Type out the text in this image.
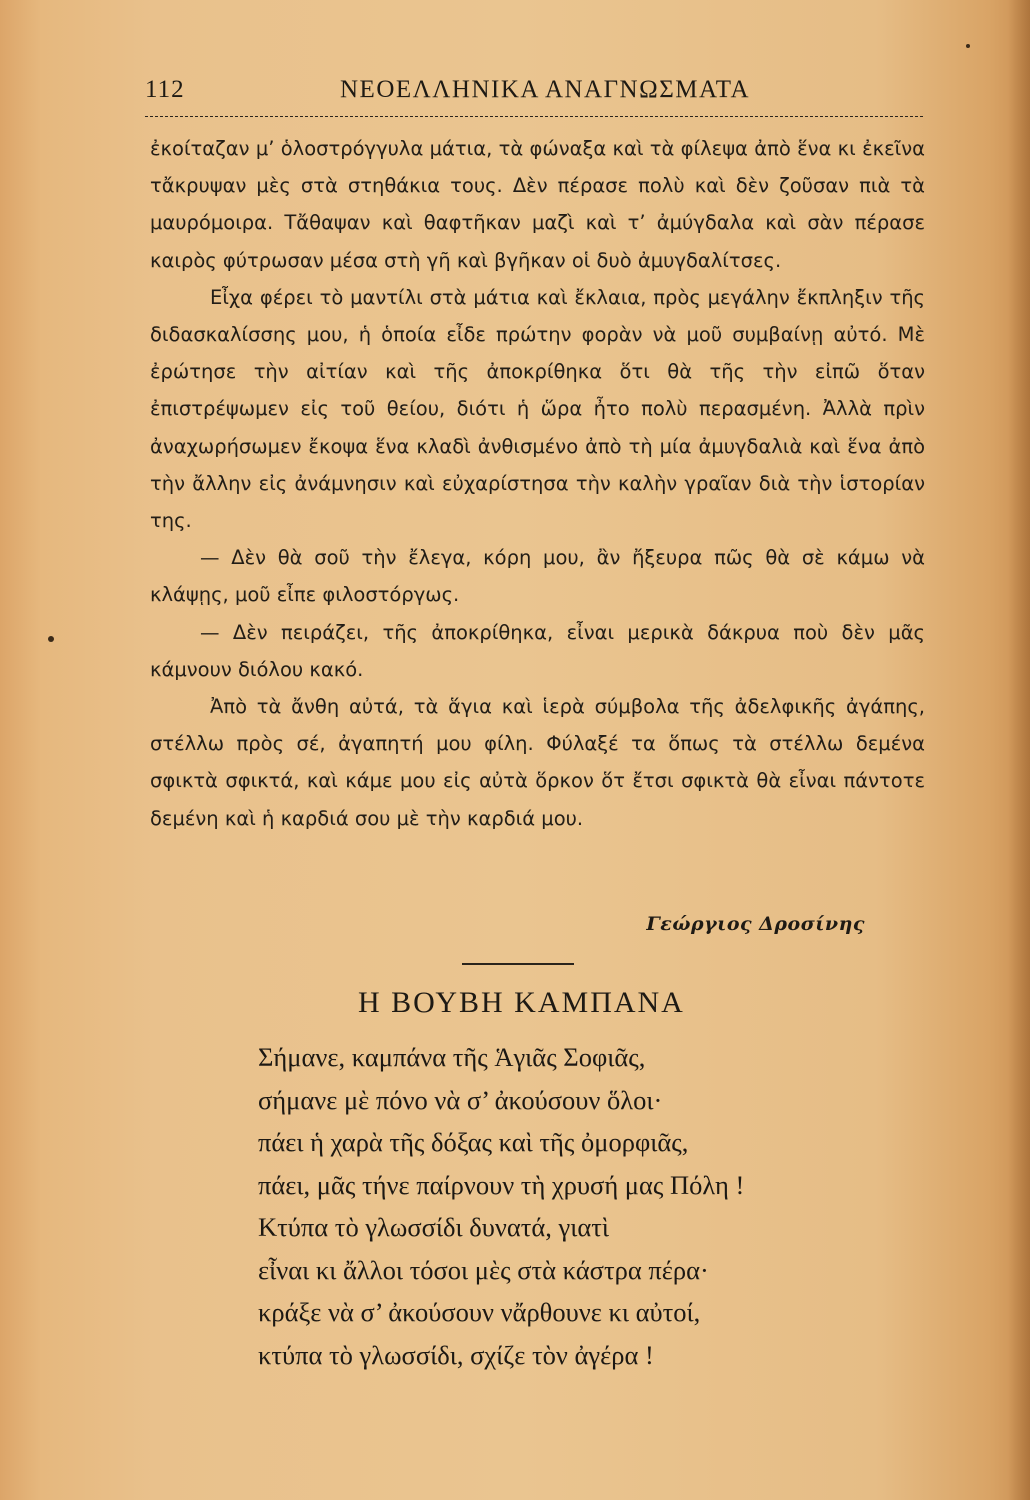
112	ΝΕΟΕΛΛΗΝΙΚΑ ΑΝΑΓΝΩΣΜΑΤΑ

ἐκοίταζαν μ’ ὁλοστρόγγυλα μάτια, τὰ φώναξα καὶ τὰ φίλεψα ἀπὸ ἕνα κι ἐκεῖνα τἄκρυψαν μὲς στὰ στηθάκια τους. Δὲν πέρασε πολὺ καὶ δὲν ζοῦσαν πιὰ τὰ μαυρόμοιρα. Τἄθαψαν καὶ θαφτῆκαν μαζὶ καὶ τ’ ἀμύγδαλα καὶ σὰν πέρασε καιρὸς φύτρωσαν μέσα στὴ γῆ καὶ βγῆκαν οἱ δυὸ ἀμυγδαλίτσες.

Εἶχα φέρει τὸ μαντίλι στὰ μάτια καὶ ἔκλαια, πρὸς μεγάλην ἔκπληξιν τῆς διδασκαλίσσης μου, ἡ ὁποία εἶδε πρώτην φορὰν νὰ μοῦ συμβαίνῃ αὐτό. Μὲ ἐρώτησε τὴν αἰτίαν καὶ τῆς ἀποκρίθηκα ὅτι θὰ τῆς τὴν εἰπῶ ὅταν ἐπιστρέψωμεν εἰς τοῦ θείου, διότι ἡ ὥρα ἦτο πολὺ περασμένη. Ἀλλὰ πρὶν ἀναχωρήσωμεν ἔκοψα ἕνα κλαδὶ ἀνθισμένο ἀπὸ τὴ μία ἀμυγδαλιὰ καὶ ἕνα ἀπὸ τὴν ἄλλην εἰς ἀνάμνησιν καὶ εὐχαρίστησα τὴν καλὴν γραῖαν διὰ τὴν ἱστορίαν της.

— Δὲν θὰ σοῦ τὴν ἔλεγα, κόρη μου, ἂν ἤξευρα πῶς θὰ σὲ κάμω νὰ κλάψῃς, μοῦ εἶπε φιλοστόργως.

— Δὲν πειράζει, τῆς ἀποκρίθηκα, εἶναι μερικὰ δάκρυα ποὺ δὲν μᾶς κάμνουν διόλου κακό.

Ἀπὸ τὰ ἄνθη αὐτά, τὰ ἅγια καὶ ἱερὰ σύμβολα τῆς ἀδελφικῆς ἀγάπης, στέλλω πρὸς σέ, ἀγαπητή μου φίλη. Φύλαξέ τα ὅπως τὰ στέλλω δεμένα σφικτὰ σφικτά, καὶ κάμε μου εἰς αὐτὰ ὅρκον ὅτ ἔτσι σφικτὰ θὰ εἶναι πάντοτε δεμένη καὶ ἡ καρδιά σου μὲ τὴν καρδιά μου.

Γεώργιος Δροσίνης
Η ΒΟΥΒΗ ΚΑΜΠΑΝΑ
Σήμανε, καμπάνα τῆς Ἁγιᾶς Σοφιᾶς,
σήμανε μὲ πόνο νὰ σ’ ἀκούσουν ὅλοι·
πάει ἡ χαρὰ τῆς δόξας καὶ τῆς ὀμορφιᾶς,
πάει, μᾶς τήνε παίρνουν τὴ χρυσή μας Πόλη !
Κτύπα τὸ γλωσσίδι δυνατά, γιατὶ
εἶναι κι ἄλλοι τόσοι μὲς στὰ κάστρα πέρα·
κράξε νὰ σ’ ἀκούσουν νἄρθουνε κι αὐτοί,
κτύπα τὸ γλωσσίδι, σχίζε τὸν ἀγέρα !
